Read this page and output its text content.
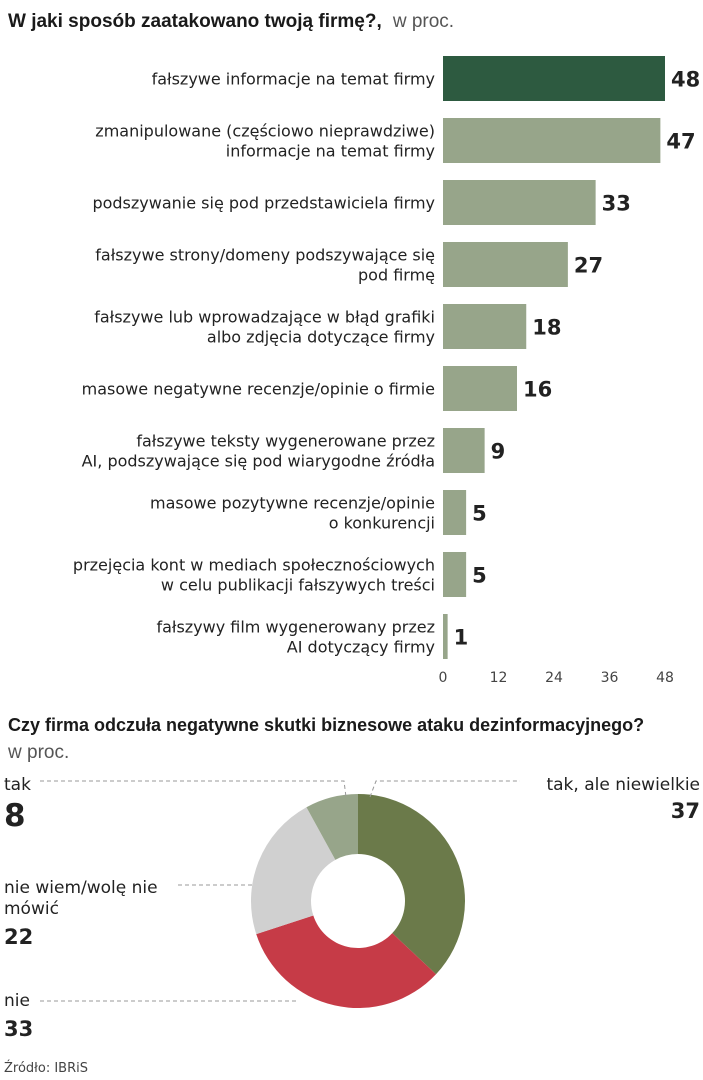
W jaki sposób zaatakowano twoją firmę?, w proc.
fałszywe informacje na temat firmy	48
zmanipulowane (częściowo nieprawdziwe)
informacje na temat firmy	47
podszywanie się pod przedstawiciela firmy	33
fałszywe strony/domeny podszywające się
pod firmę	27
fałszywe lub wprowadzające w błąd grafiki
albo zdjęcia dotyczące firmy	18
masowe negatywne recenzje/opinie o firmie	16
fałszywe teksty wygenerowane przez
AI, podszywające się pod wiarygodne źródła	9
masowe pozytywne recenzje/opinie
o konkurencji 5
przejęcia kont w mediach społecznościowych
w celu publikacji fałszywych treści 5
fałszywy film wygenerowany przez
AI dotyczący firmy 1
0	12	24	36	48
Czy firma odczuła negatywne skutki biznesowe ataku dezinformacyjnego?
w proc.
tak, ale niewielkie
37
nie
33
nie wiem/wolę nie
mówić
22
tak
8
Źródło: IBRiS
